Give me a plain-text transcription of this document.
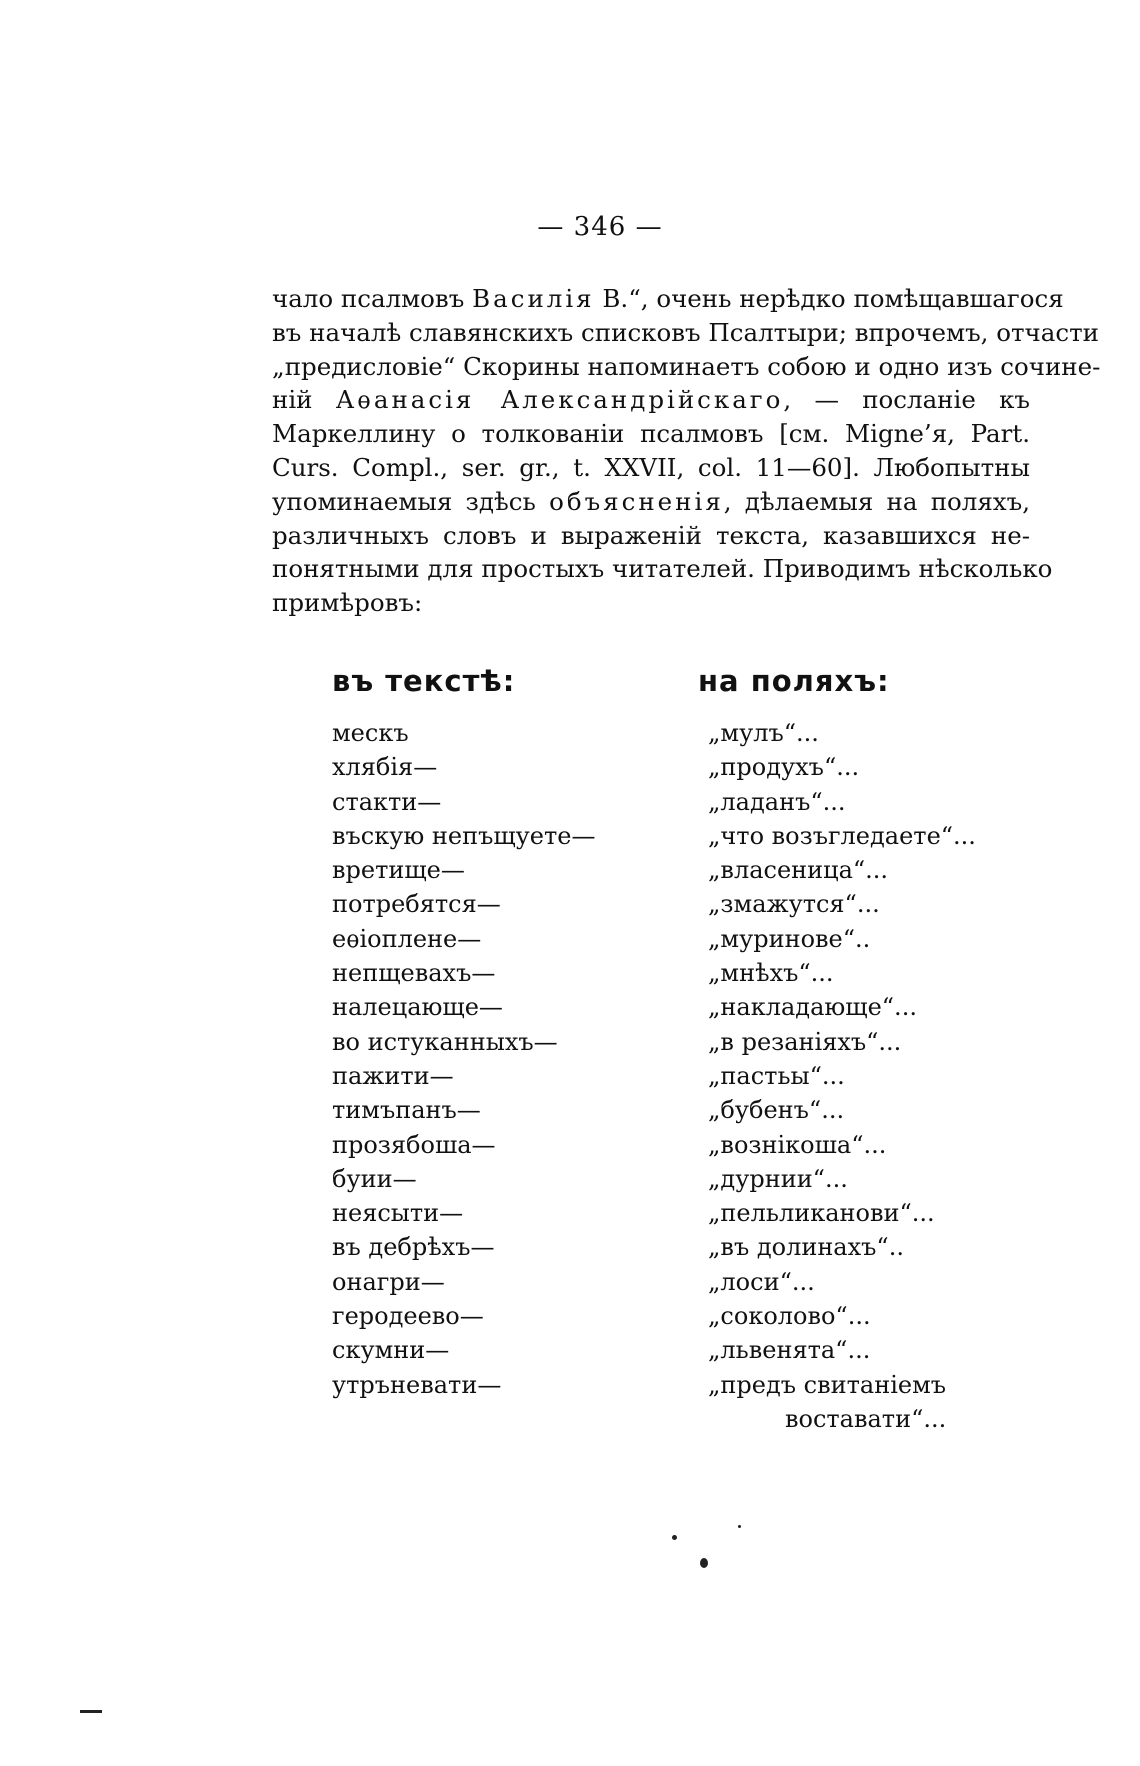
— 346 —
чало псалмовъ Василія В.“, очень нерѣдко помѣщавшагося
въ началѣ славянскихъ списковъ Псалтыри; впрочемъ, отчасти
„предисловіе“ Скорины напоминаетъ собою и одно изъ сочине-
ній Аѳанасія Александрійскаго, — посланіе къ
Маркеллину о толкованіи псалмовъ [см. Migne’я, Part.
Curs. Compl., ser. gr., t. XXVII, col. 11—60]. Любопытны
упоминаемыя здѣсь объясненія, дѣлаемыя на поляхъ,
различныхъ словъ и выраженій текста, казавшихся не-
понятными для простыхъ читателей. Приводимъ нѣсколько
примѣровъ:
въ текстѣ:	на поляхъ:
мескъ
хлябія—
стакти—
въскую непъщуете—
вретище—
потребятся—
еѳіоплене—
непщевахъ—
налецающе—
во истуканныхъ—
пажити—
тимъпанъ—
прозябоша—
буии—
неясыти—
въ дебрѣхъ—
онагри—
геродеево—
скумни—
утръневати—
„мулъ“...
„продухъ“...
„ладанъ“...
„что возъгледаете“...
„власеница“...
„змажутся“...
„муринове“..
„мнѣхъ“...
„накладающе“...
„в резаніяхъ“...
„пастьы“...
„бубенъ“...
„вознікоша“...
„дурнии“...
„пельликанови“...
„въ долинахъ“..
„лоси“...
„соколово“...
„львенята“...
„предъ свитаніемъ
воставати“...
